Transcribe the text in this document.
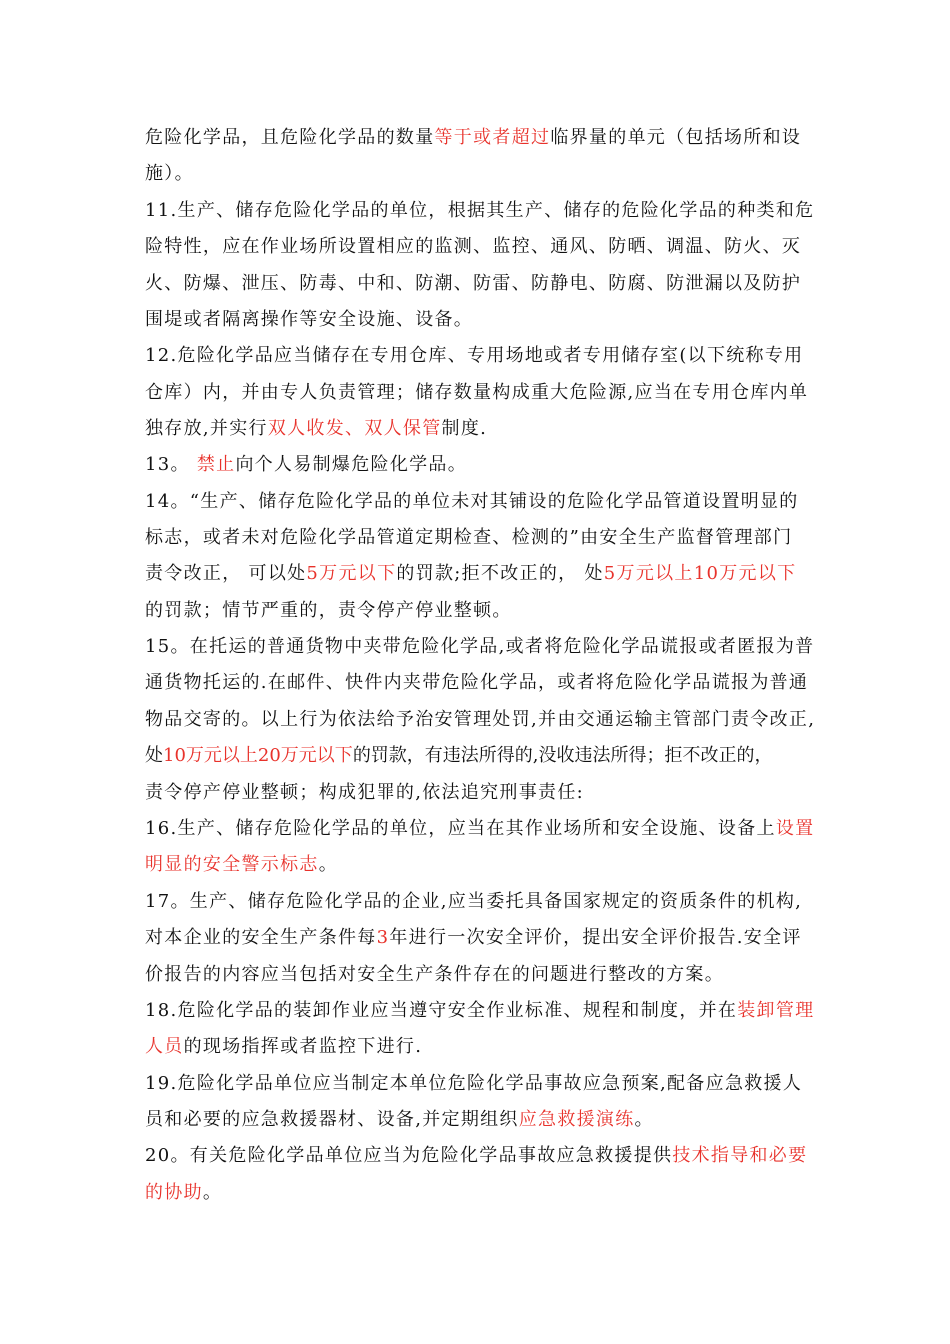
危险化学品，且危险化学品的数量等于或者超过临界量的单元（包括场所和设
施）。
11.生产、储存危险化学品的单位，根据其生产、储存的危险化学品的种类和危
险特性，应在作业场所设置相应的监测、监控、通风、防晒、调温、防火、灭
火、防爆、泄压、防毒、中和、防潮、防雷、防静电、防腐、防泄漏以及防护
围堤或者隔离操作等安全设施、设备。
12.危险化学品应当储存在专用仓库、专用场地或者专用储存室(以下统称专用
仓库）内，并由专人负责管理；储存数量构成重大危险源,应当在专用仓库内单
独存放,并实行双人收发、双人保管制度.
13。 禁止向个人易制爆危险化学品。
14。“生产、储存危险化学品的单位未对其铺设的危险化学品管道设置明显的
标志，或者未对危险化学品管道定期检查、检测的”由安全生产监督管理部门
责令改正， 可以处5万元以下的罚款;拒不改正的， 处5万元以上10万元以下
的罚款；情节严重的，责令停产停业整顿。
15。在托运的普通货物中夹带危险化学品,或者将危险化学品谎报或者匿报为普
通货物托运的.在邮件、快件内夹带危险化学品，或者将危险化学品谎报为普通
物品交寄的。以上行为依法给予治安管理处罚,并由交通运输主管部门责令改正,
处10万元以上20万元以下的罚款，有违法所得的,没收违法所得；拒不改正的，
责令停产停业整顿；构成犯罪的,依法追究刑事责任:
16.生产、储存危险化学品的单位，应当在其作业场所和安全设施、设备上设置
明显的安全警示标志。
17。生产、储存危险化学品的企业,应当委托具备国家规定的资质条件的机构,
对本企业的安全生产条件每3年进行一次安全评价，提出安全评价报告.安全评
价报告的内容应当包括对安全生产条件存在的问题进行整改的方案。
18.危险化学品的装卸作业应当遵守安全作业标准、规程和制度，并在装卸管理
人员的现场指挥或者监控下进行.
19.危险化学品单位应当制定本单位危险化学品事故应急预案,配备应急救援人
员和必要的应急救援器材、设备,并定期组织应急救援演练。
20。有关危险化学品单位应当为危险化学品事故应急救援提供技术指导和必要
的协助。
